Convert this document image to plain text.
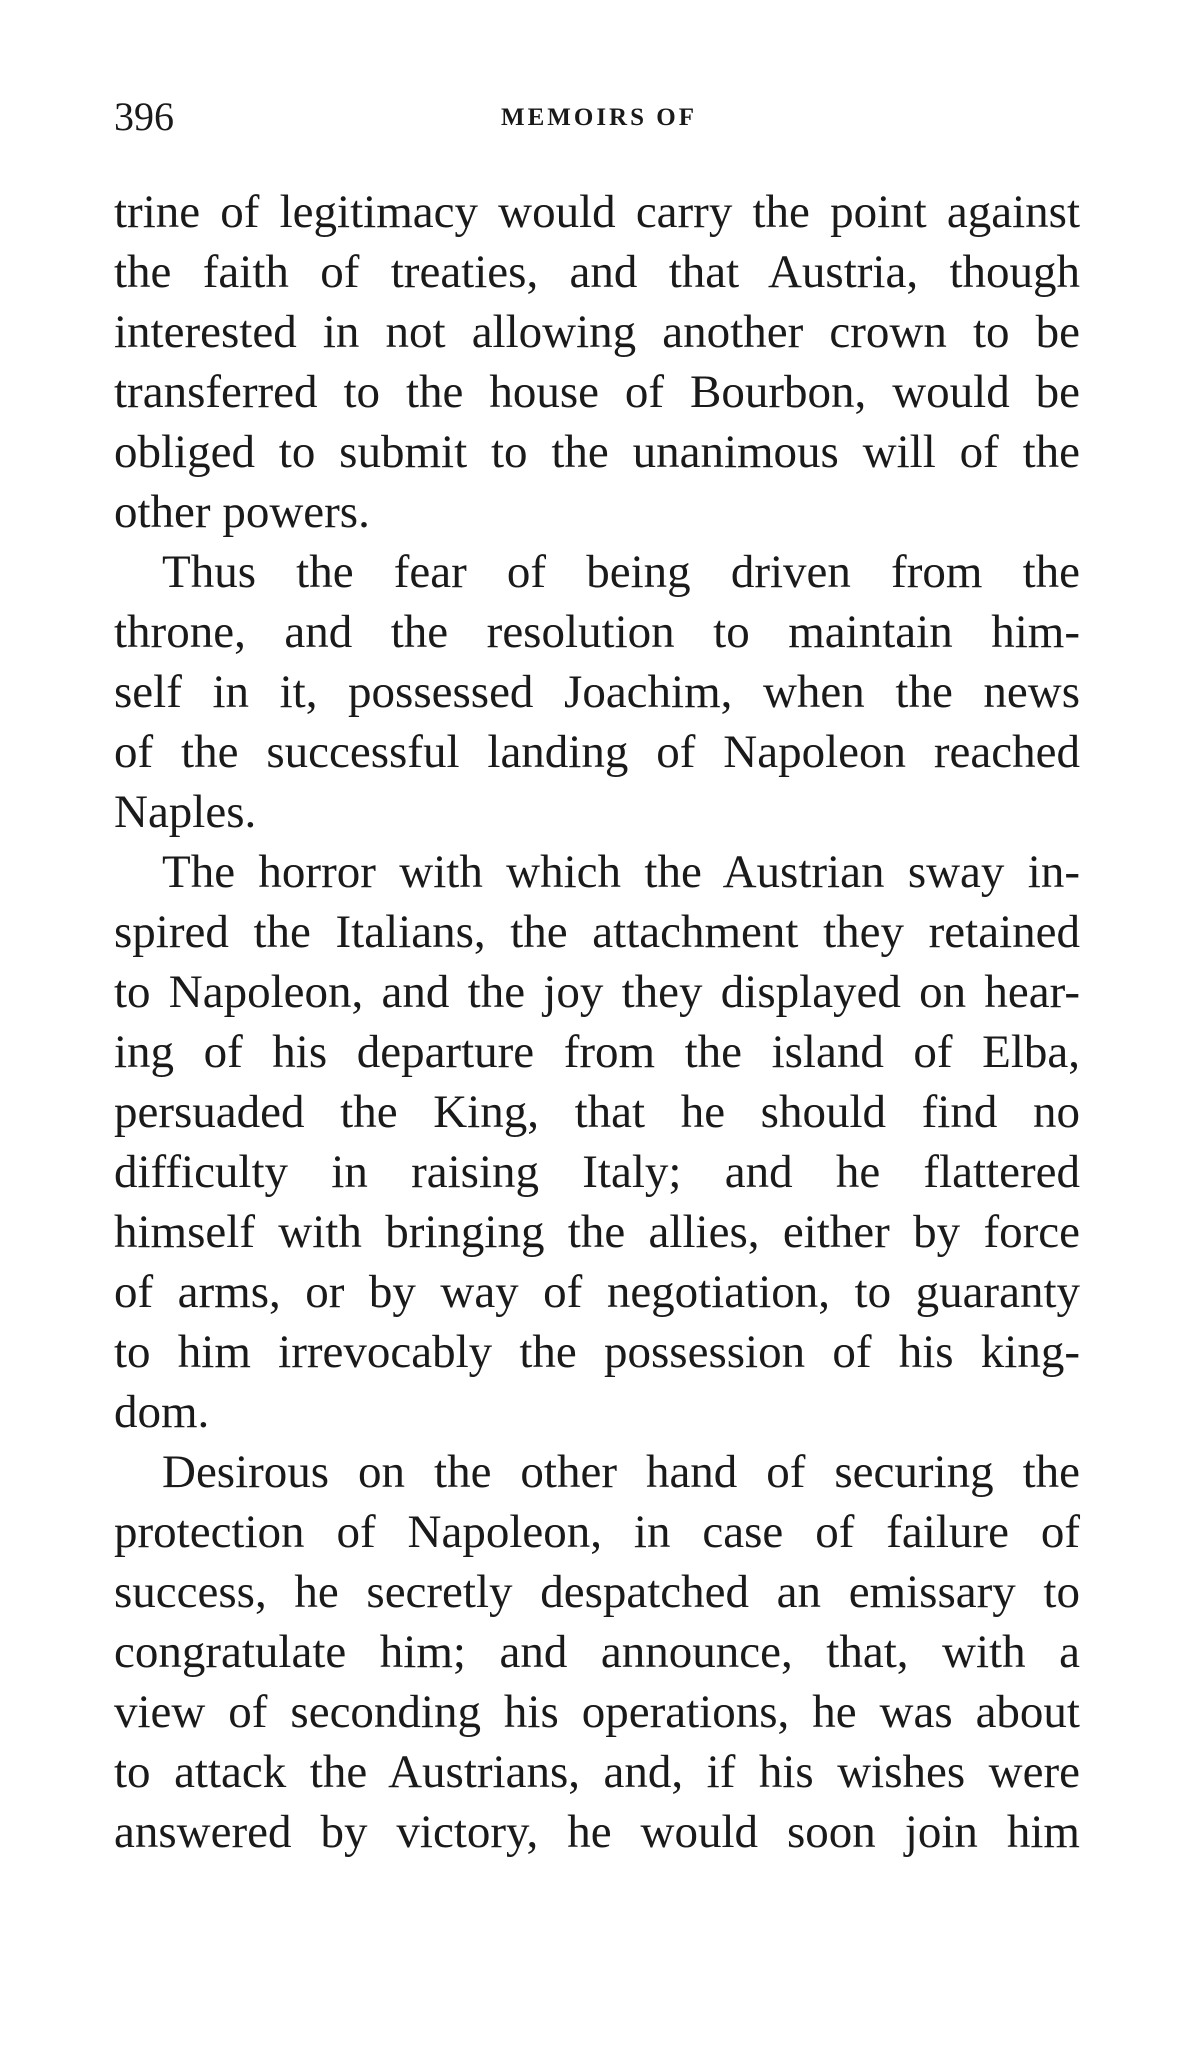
396	MEMOIRS OF
trine of legitimacy would carry the point against
the faith of treaties, and that Austria, though
interested in not allowing another crown to be
transferred to the house of Bourbon, would be
obliged to submit to the unanimous will of the
other powers.
Thus the fear of being driven from the
throne, and the resolution to maintain him-
self in it, possessed Joachim, when the news
of the successful landing of Napoleon reached
Naples.
The horror with which the Austrian sway in-
spired the Italians, the attachment they retained
to Napoleon, and the joy they displayed on hear-
ing of his departure from the island of Elba,
persuaded the King, that he should find no
difficulty in raising Italy; and he flattered
himself with bringing the allies, either by force
of arms, or by way of negotiation, to guaranty
to him irrevocably the possession of his king-
dom.
Desirous on the other hand of securing the
protection of Napoleon, in case of failure of
success, he secretly despatched an emissary to
congratulate him; and announce, that, with a
view of seconding his operations, he was about
to attack the Austrians, and, if his wishes were
answered by victory, he would soon join him
